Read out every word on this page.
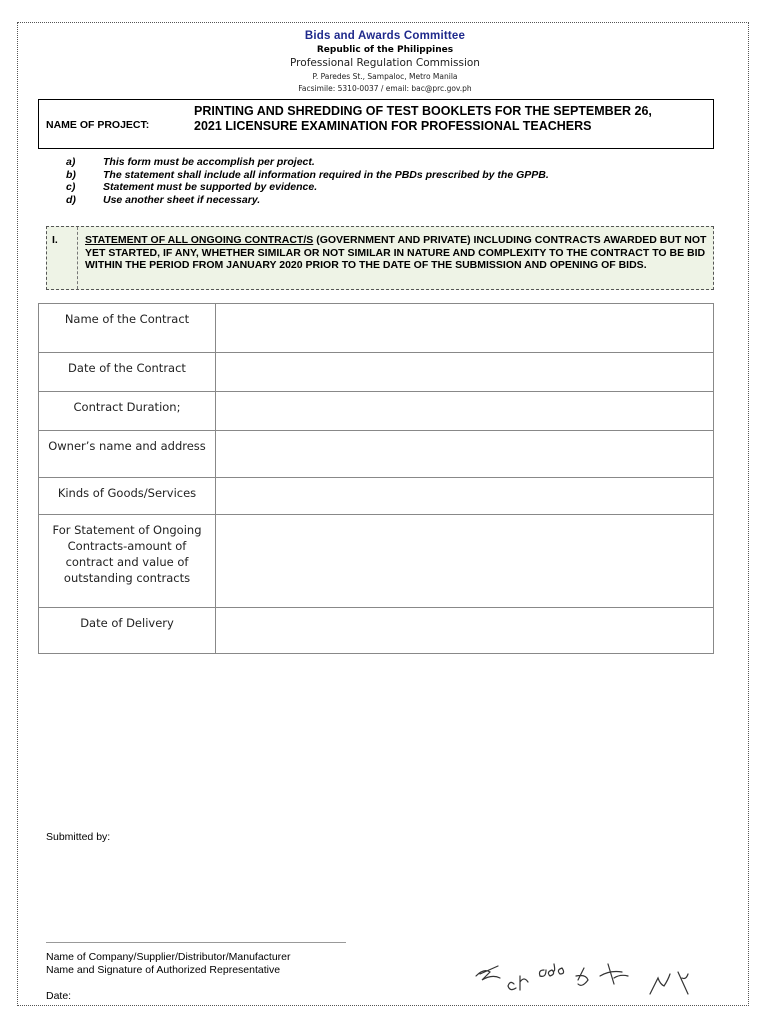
Bids and Awards Committee
Republic of the Philippines
Professional Regulation Commission
P. Paredes St., Sampaloc, Metro Manila
Facsimile: 5310-0037 / email: bac@prc.gov.ph
NAME OF PROJECT:
PRINTING AND SHREDDING OF TEST BOOKLETS FOR THE SEPTEMBER 26, 2021 LICENSURE EXAMINATION FOR PROFESSIONAL TEACHERS
a)	This form must be accomplish per project.
b)	The statement shall include all information required in the PBDs prescribed by the GPPB.
c)	Statement must be supported by evidence.
d)	Use another sheet if necessary.
I.	STATEMENT OF ALL ONGOING CONTRACT/S (GOVERNMENT AND PRIVATE) INCLUDING CONTRACTS AWARDED BUT NOT YET STARTED, IF ANY, WHETHER SIMILAR OR NOT SIMILAR IN NATURE AND COMPLEXITY TO THE CONTRACT TO BE BID WITHIN THE PERIOD FROM JANUARY 2020 PRIOR TO THE DATE OF THE SUBMISSION AND OPENING OF BIDS.
Name of the Contract	

Date of the Contract	

Contract Duration;	

Owner’s name and address	

Kinds of Goods/Services	

For Statement of Ongoing Contracts-amount of contract and value of outstanding contracts	

Date of Delivery	

Submitted by:
Name of Company/Supplier/Distributor/Manufacturer
Name and Signature of Authorized Representative
Date:
